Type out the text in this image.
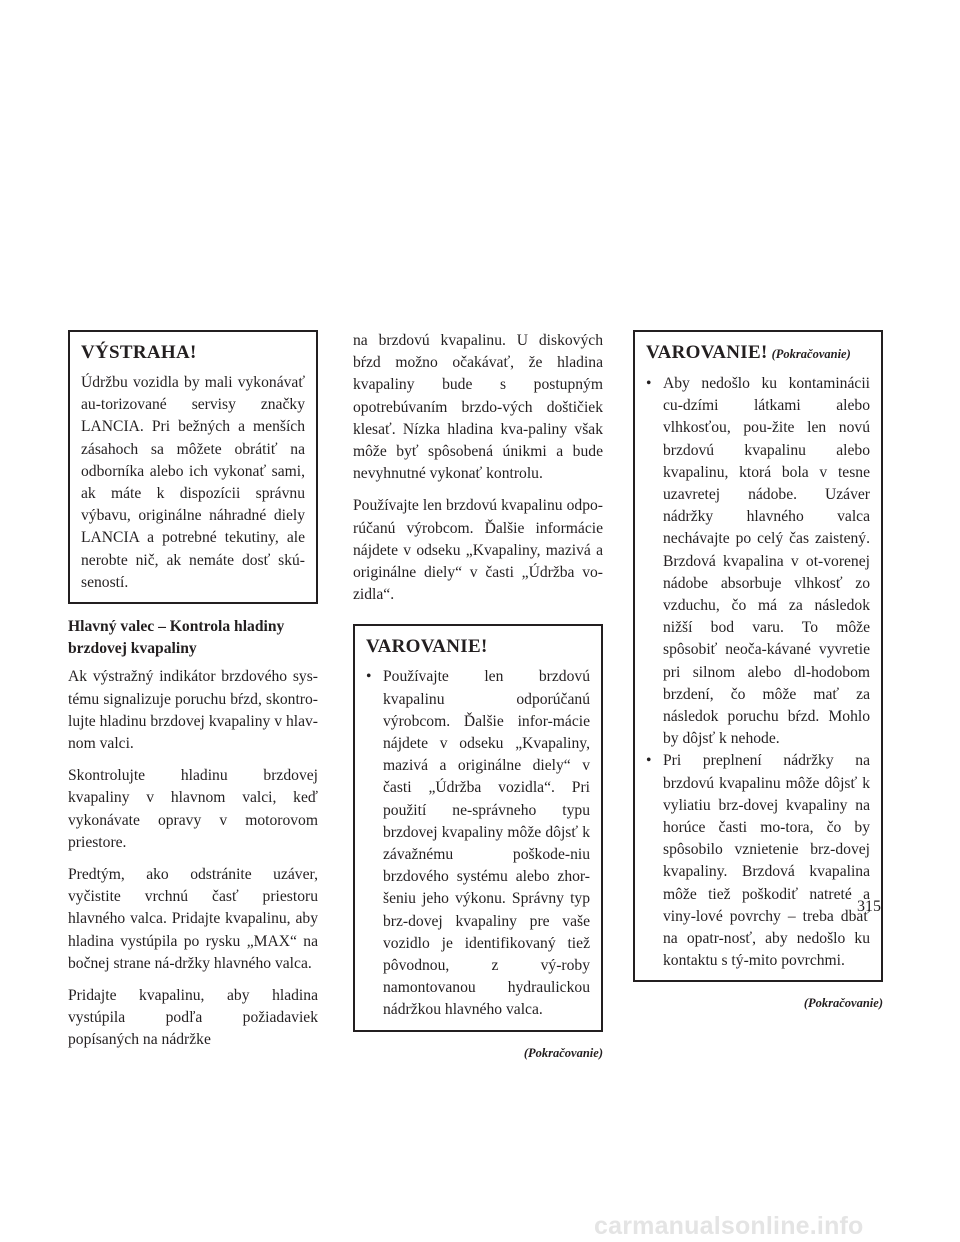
VÝSTRAHA!

Údržbu vozidla by mali vykonávať au-torizované servisy značky LANCIA. Pri bežných a menších zásahoch sa môžete obrátiť na odborníka alebo ich vykonať sami, ak máte k dispozícii správnu výbavu, originálne náhradné diely LANCIA a potrebné tekutiny, ale nerobte nič, ak nemáte dosť skú-seností.

Hlavný valec – Kontrola hladiny
brzdovej kvapaliny

Ak výstražný indikátor brzdového sys-tému signalizuje poruchu bŕzd, skontro-lujte hladinu brzdovej kvapaliny v hlav-nom valci.

Skontrolujte hladinu brzdovej kvapaliny v hlavnom valci, keď vykonávate opravy v motorovom priestore.

Predtým, ako odstránite uzáver, vyčistite vrchnú časť priestoru hlavného valca. Pridajte kvapalinu, aby hladina vystúpila po rysku „MAX“ na bočnej strane ná-držky hlavného valca.

Pridajte kvapalinu, aby hladina vystúpila podľa požiadaviek popísaných na nádržke

na brzdovú kvapalinu. U diskových bŕzd možno očakávať, že hladina kvapaliny bude s postupným opotrebúvaním brzdo-vých doštičiek klesať. Nízka hladina kva-paliny však môže byť spôsobená únikmi a bude nevyhnutné vykonať kontrolu.

Používajte len brzdovú kvapalinu odpo-rúčanú výrobcom. Ďalšie informácie nájdete v odseku „Kvapaliny, mazivá a originálne diely“ v časti „Údržba vo-zidla“.

VAROVANIE!
• Používajte len brzdovú kvapalinu odporúčanú výrobcom. Ďalšie infor-mácie nájdete v odseku „Kvapaliny, mazivá a originálne diely“ v časti „Údržba vozidla“. Pri použití ne-správneho typu brzdovej kvapaliny môže dôjsť k závažnému poškode-niu brzdového systému alebo zhor-šeniu jeho výkonu. Správny typ brz-dovej kvapaliny pre vaše vozidlo je identifikovaný tiež pôvodnou, z vý-roby namontovanou hydraulickou nádržkou hlavného valca.
(Pokračovanie)
VAROVANIE! (Pokračovanie)
• Aby nedošlo ku kontaminácii cu-dzími látkami alebo vlhkosťou, pou-žite len novú brzdovú kvapalinu alebo kvapalinu, ktorá bola v tesne uzavretej nádobe. Uzáver nádržky hlavného valca nechávajte po celý čas zaistený. Brzdová kvapalina v ot-vorenej nádobe absorbuje vlhkosť zo vzduchu, čo má za následok nižší bod varu. To môže spôsobiť neoča-kávané vyvretie pri silnom alebo dl-hodobom brzdení, čo môže mať za následok poruchu bŕzd. Mohlo by dôjsť k nehode.
• Pri preplnení nádržky na brzdovú kvapalinu môže dôjsť k vyliatiu brz-dovej kvapaliny na horúce časti mo-tora, čo by spôsobilo vznietenie brz-dovej kvapaliny. Brzdová kvapalina môže tiež poškodiť natreté a viny-lové povrchy – treba dbať na opatr-nosť, aby nedošlo ku kontaktu s tý-mito povrchmi.
(Pokračovanie)
315
carmanualsonline.info
